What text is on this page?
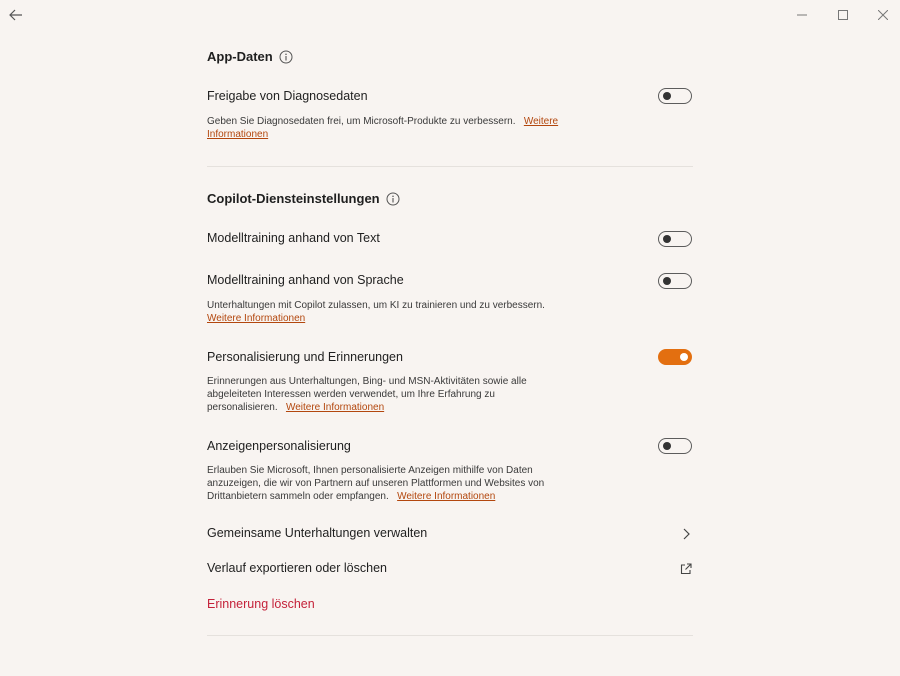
App-Daten
Freigabe von Diagnosedaten
Geben Sie Diagnosedaten frei, um Microsoft-Produkte zu verbessern. Weitere Informationen
Copilot-Diensteinstellungen
Modelltraining anhand von Text
Modelltraining anhand von Sprache
Unterhaltungen mit Copilot zulassen, um KI zu trainieren und zu verbessern.
Weitere Informationen
Personalisierung und Erinnerungen
Erinnerungen aus Unterhaltungen, Bing- und MSN-Aktivitäten sowie alle abgeleiteten Interessen werden verwendet, um Ihre Erfahrung zu personalisieren. Weitere Informationen
Anzeigenpersonalisierung
Erlauben Sie Microsoft, Ihnen personalisierte Anzeigen mithilfe von Daten anzuzeigen, die wir von Partnern auf unseren Plattformen und Websites von Drittanbietern sammeln oder empfangen. Weitere Informationen
Gemeinsame Unterhaltungen verwalten
Verlauf exportieren oder löschen
Erinnerung löschen
